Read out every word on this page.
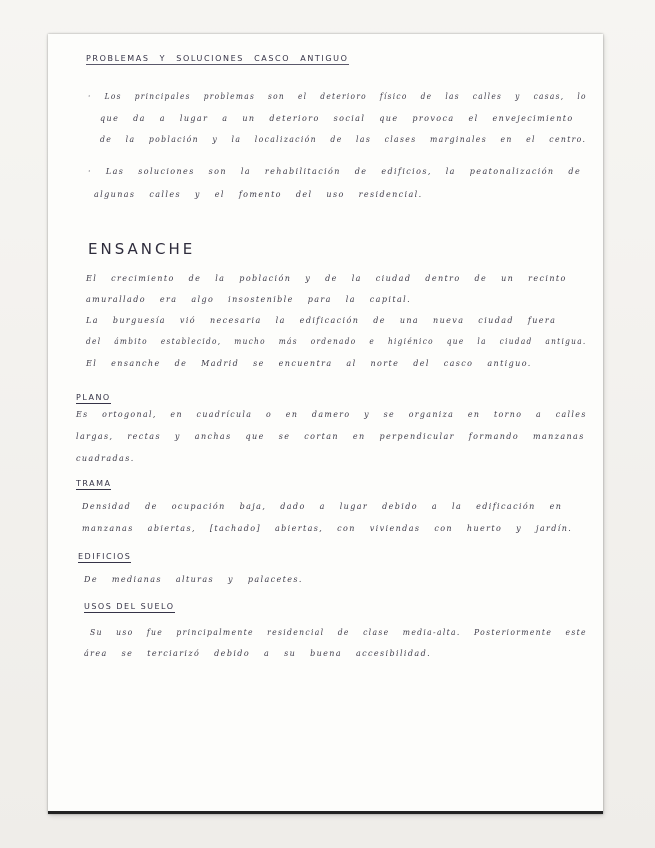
PROBLEMAS Y SOLUCIONES CASCO ANTIGUO
· Los principales problemas son el deterioro físico de las calles y casas, lo
que da a lugar a un deterioro social que provoca el envejecimiento
de la población y la localización de las clases marginales en el centro.
· Las soluciones son la rehabilitación de edificios, la peatonalización de
algunas calles y el fomento del uso residencial.
ENSANCHE
El crecimiento de la población y de la ciudad dentro de un recinto
amurallado era algo insostenible para la capital.
La burguesía vió necesaria la edificación de una nueva ciudad fuera
del ámbito establecido, mucho más ordenado e higiénico que la ciudad antigua.
El ensanche de Madrid se encuentra al norte del casco antiguo.
PLANO
Es ortogonal, en cuadrícula o en damero y se organiza en torno a calles
largas, rectas y anchas que se cortan en perpendicular formando manzanas
cuadradas.
TRAMA
Densidad de ocupación baja, dado a lugar debido a la edificación en
manzanas abiertas, [tachado] abiertas, con viviendas con huerto y jardín.
EDIFICIOS
De medianas alturas y palacetes.
USOS DEL SUELO
Su uso fue principalmente residencial de clase media-alta. Posteriormente este
área se terciarizó debido a su buena accesibilidad.
